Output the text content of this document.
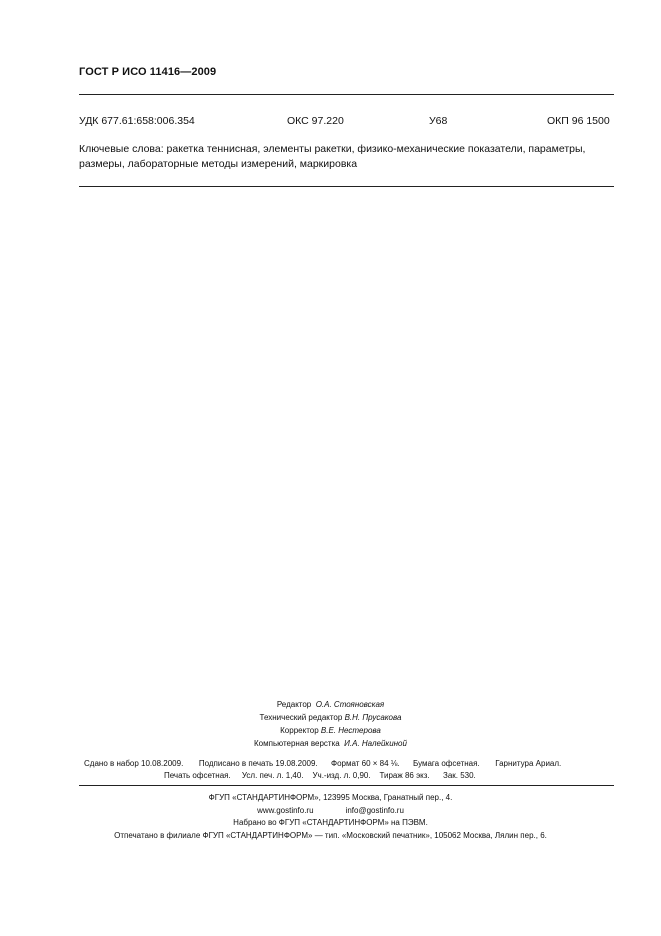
ГОСТ Р ИСО 11416—2009
УДК 677.61:658:006.354	ОКС 97.220	У68	ОКП 96 1500
Ключевые слова: ракетка теннисная, элементы ракетки, физико-механические показатели, параметры,
размеры, лабораторные методы измерений, маркировка
Редактор О.А. Стояновская
Технический редактор В.Н. Прусакова
Корректор В.Е. Нестерова
Компьютерная верстка И.А. Налейкиной
Сдано в набор 10.08.2009. Подписано в печать 19.08.2009. Формат 60 × 84 ⅛. Бумага офсетная. Гарнитура Ариал.
Печать офсетная. Усл. печ. л. 1,40. Уч.-изд. л. 0,90. Тираж 86 экз. Зак. 530.
ФГУП «СТАНДАРТИНФОРМ», 123995 Москва, Гранатный пер., 4.
www.gostinfo.ru	info@gostinfo.ru
Набрано во ФГУП «СТАНДАРТИНФОРМ» на ПЭВМ.
Отпечатано в филиале ФГУП «СТАНДАРТИНФОРМ» — тип. «Московский печатник», 105062 Москва, Лялин пер., 6.
